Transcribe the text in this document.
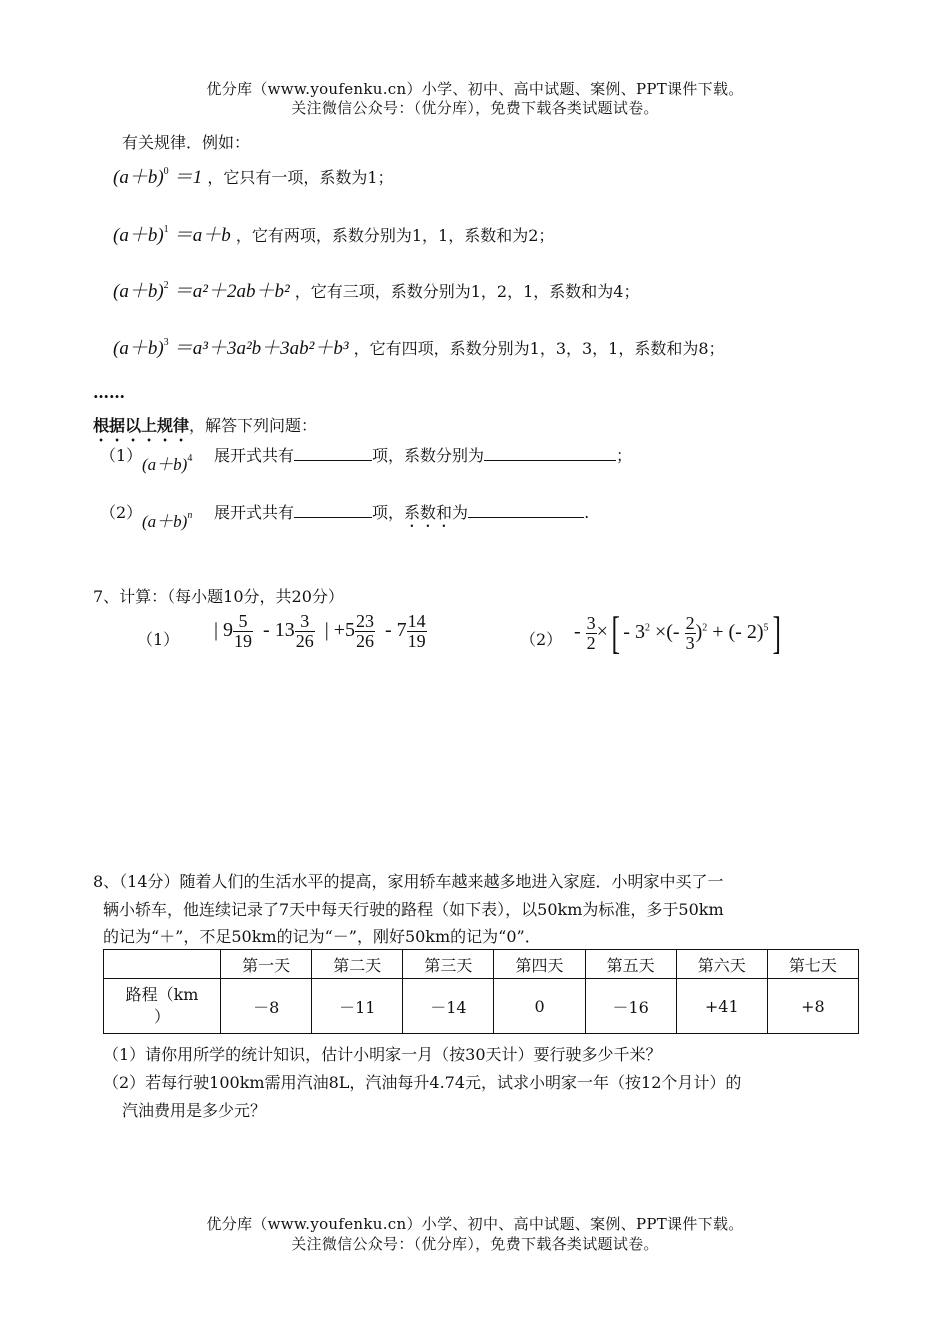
优分库（www.youfenku.cn）小学、初中、高中试题、案例、PPT课件下载。
关注微信公众号：（优分库），免费下载各类试题试卷。
有关规律．例如：
$(a+b)^0 =1$ ，它只有一项，系数为1；
$(a+b)^1 =a+b$ ，它有两项，系数分别为1，1，系数和为2；
$(a+b)^2 =a^2+2ab+b^2$ ，它有三项，系数分别为1，2，1，系数和为4；
$(a+b)^3 =a^3+3a^2b+3ab^2+b^3$ ，它有四项，系数分别为1，3，3，1，系数和为8；
……
根据以上规律，解答下列问题：
（1） $(a+b)^4$ 展开式共有	项，系数分别为	；
（2） $(a+b)^n$ 展开式共有	项，系数和为	.
7、计算：（每小题10分，共20分）
（1） | $9 \frac{5}{19} - 13 \frac{3}{26}$ | $+5 \frac{23}{26} - 7 \frac{14}{19}$	$(2) - \frac{3}{2}$ ×[ - $3^2$ ×(- $\frac{2}{3} )^2$ + (- 2)$^5$]
8、（14分）随着人们的生活水平的提高，家用轿车越来越多地进入家庭．小明家中买了一
辆小轿车，他连续记录了7天中每天行驶的路程（如下表），以50km为标准，多于50km
的记为“＋”，不足50km的记为“－”，刚好50km的记为“0”．
	第一天	第二天	第三天	第四天	第五天	第六天	第七天

路程（km
）	－8	－11	－14	0	－16	+41	+8
（1）请你用所学的统计知识，估计小明家一月（按30天计）要行驶多少千米？
（2）若每行驶100km需用汽油8L，汽油每升4.74元，试求小明家一年（按12个月计）的
汽油费用是多少元？
优分库（www.youfenku.cn）小学、初中、高中试题、案例、PPT课件下载。
关注微信公众号：（优分库），免费下载各类试题试卷。
